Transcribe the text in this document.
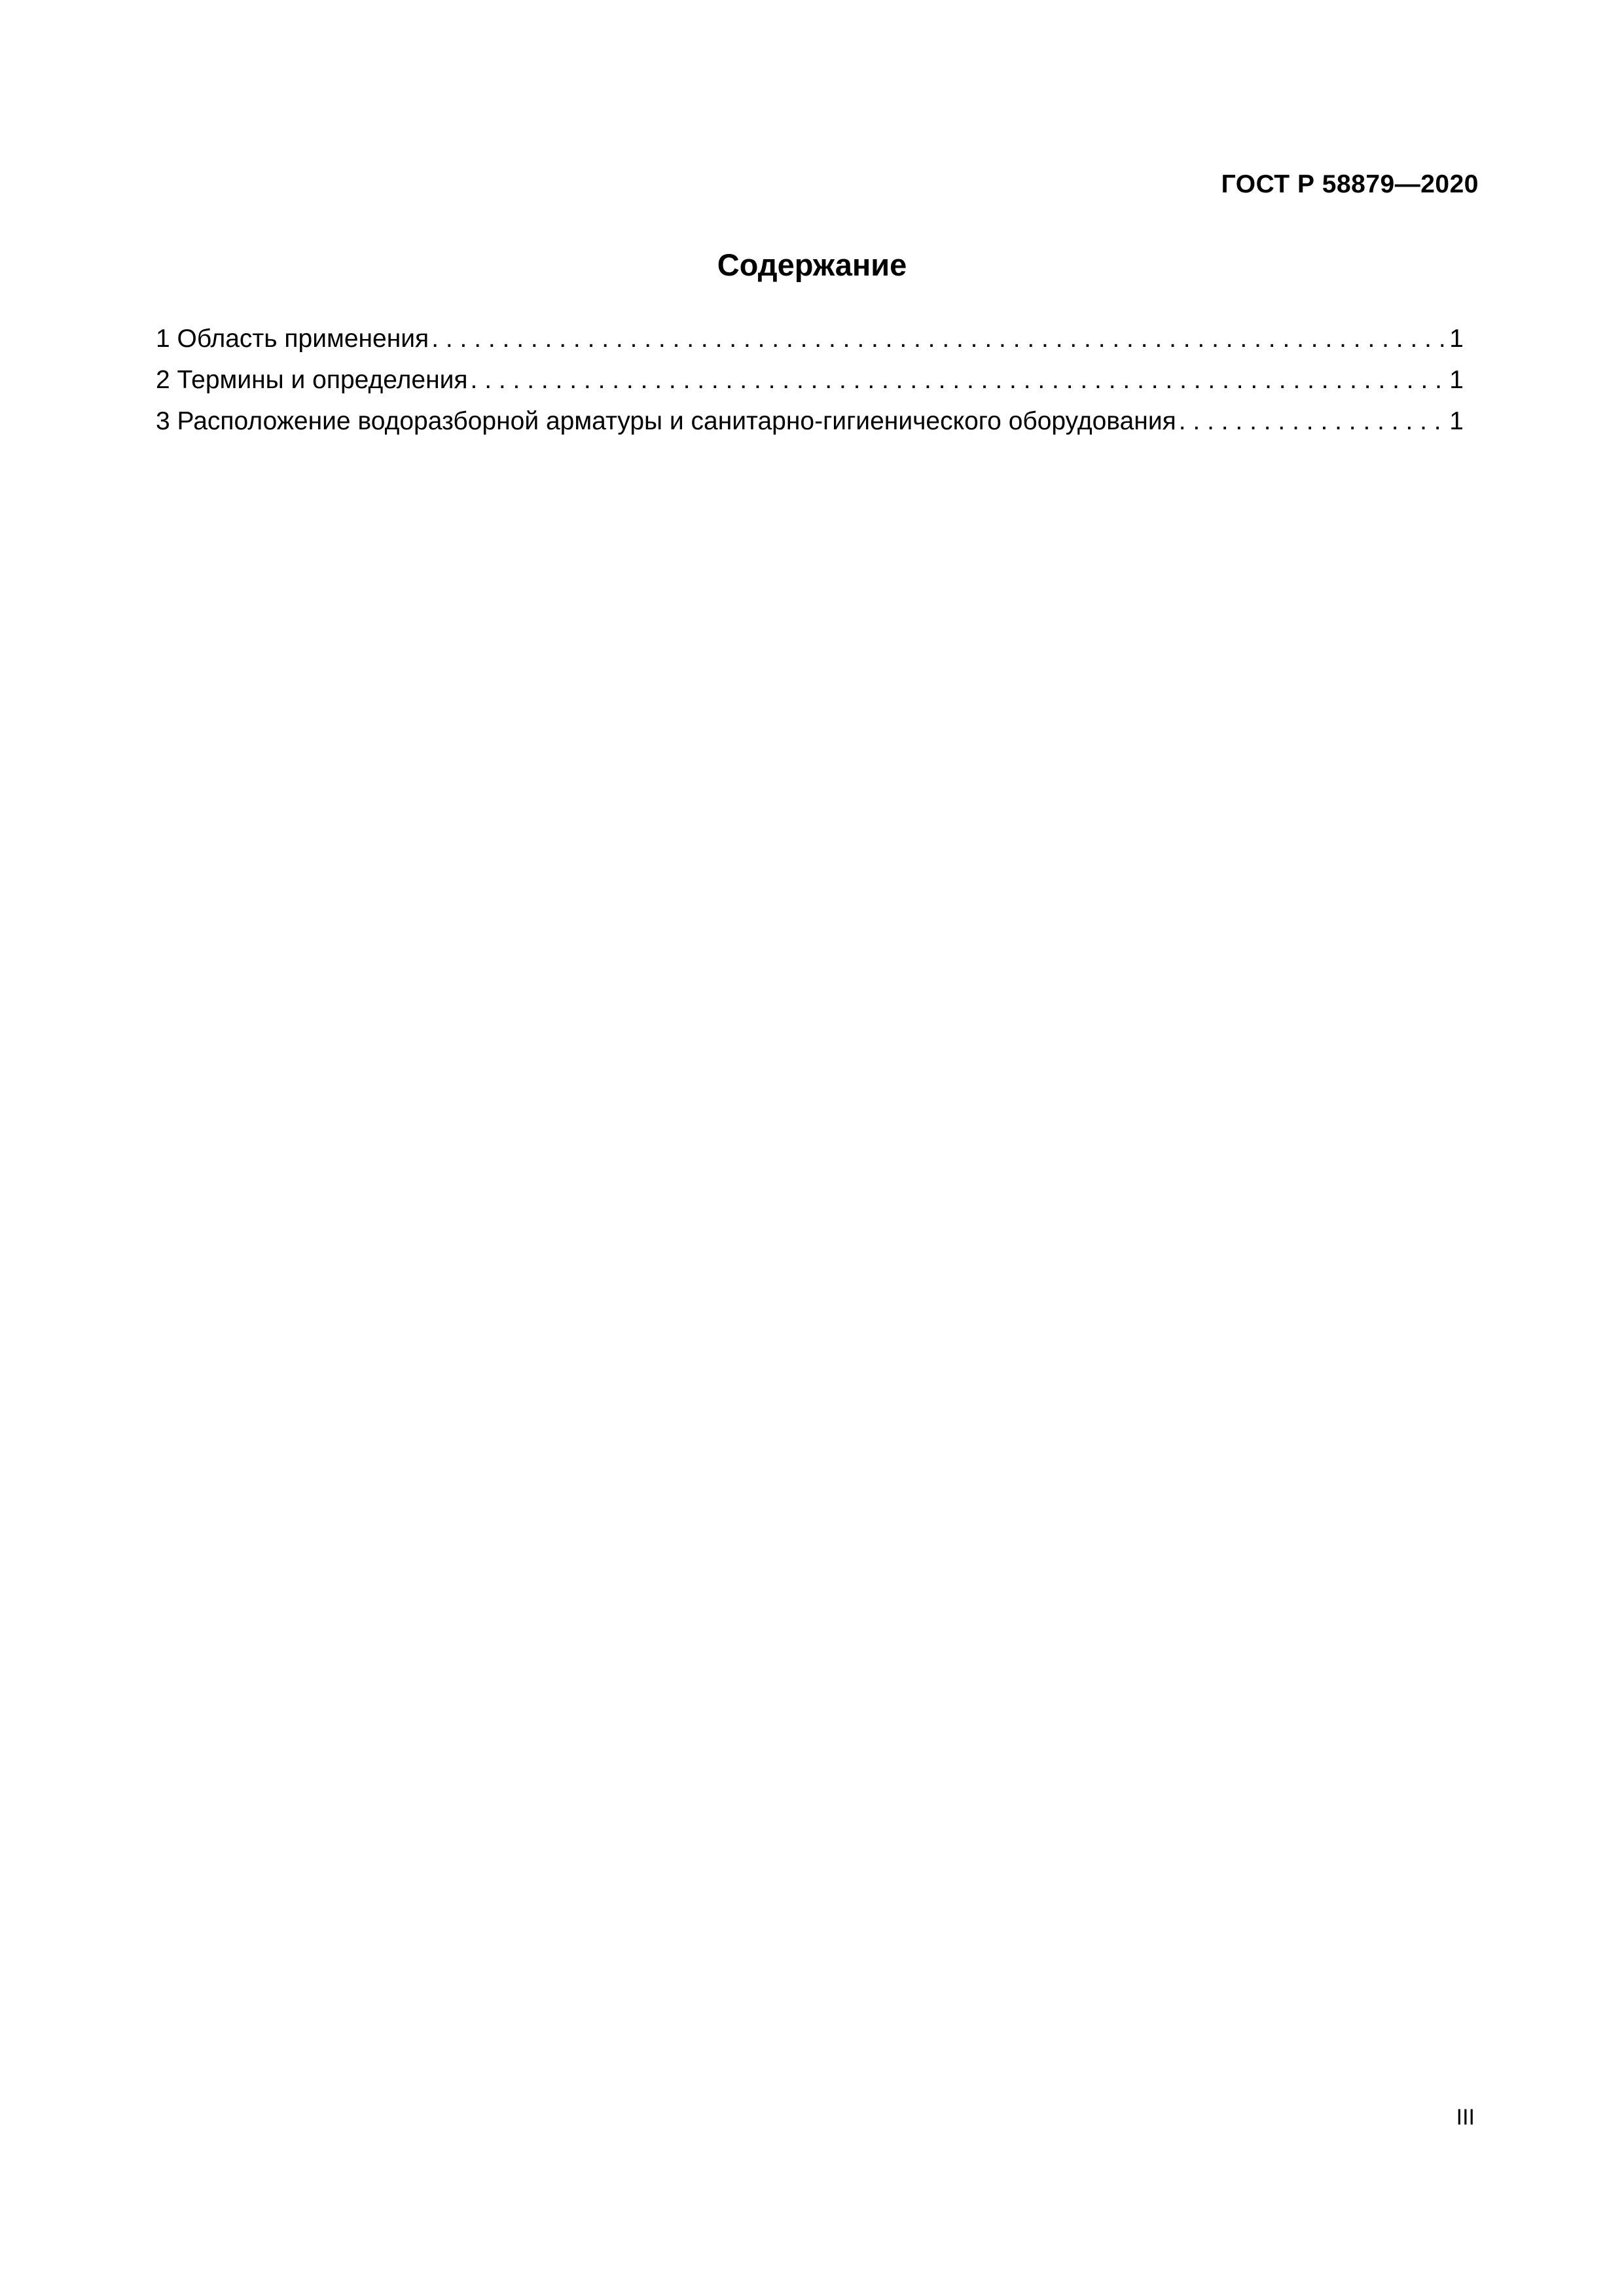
ГОСТ Р 58879—2020
Содержание
1 Область применения . . .	1
2 Термины и определения . . .	1
3 Расположение водоразборной арматуры и санитарно-гигиенического оборудования . . .	1
III
